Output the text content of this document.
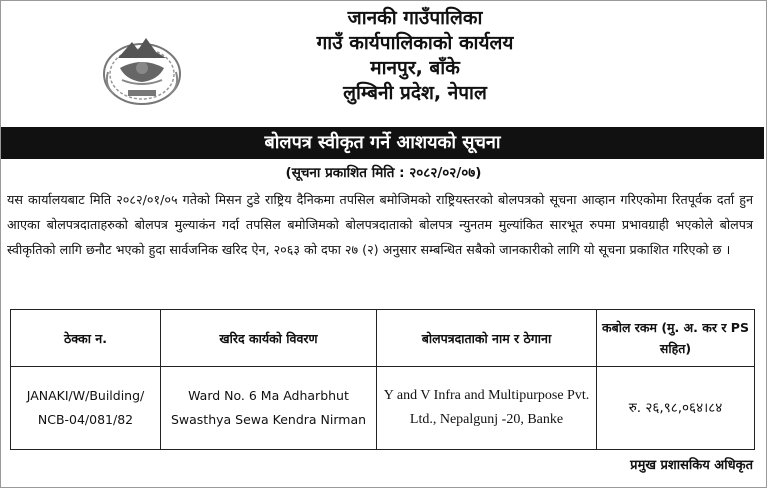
जानकी गाउँपालिका
गाउँ कार्यपालिकाको कार्यलय
मानपुर, बाँके
लुम्बिनी प्रदेश, नेपाल
बोलपत्र स्वीकृत गर्ने आशयको सूचना
(सूचना प्रकाशित मिति : २०८२/०२/०७)
यस कार्यालयबाट मिति २०८२/०१/०५ गतेको मिसन टुडे राष्ट्रिय दैनिकमा तपसिल बमोजिमको राष्ट्रियस्तरको बोलपत्रको सूचना आव्हान गरिएकोमा रितपूर्वक दर्ता हुन आएका बोलपत्रदाताहरुको बोलपत्र मुल्याकंन गर्दा तपसिल बमोजिमको बोलपत्रदाताको बोलपत्र न्युनतम मुल्यांकित सारभूत रुपमा प्रभावग्राही भएकोले बोलपत्र स्वीकृतिको लागि छनौट भएको हुदा सार्वजनिक खरिद ऐन, २०६३ को दफा २७ (२) अनुसार सम्बन्धित सबैको जानकारीको लागि यो सूचना प्रकाशित गरिएको छ ।
ठेक्का न.	खरिद कार्यको विवरण	बोलपत्रदाताको नाम र ठेगाना	कबोल रकम (मु. अ. कर र PS सहित)
JANAKI/W/Building/ NCB-04/081/82	Ward No. 6 Ma Adharbhut Swasthya Sewa Kendra Nirman	Y and V Infra and Multipurpose Pvt. Ltd., Nepalgunj -20, Banke	रु. २६,९८,०६४।८४
प्रमुख प्रशासकिय अधिकृत
